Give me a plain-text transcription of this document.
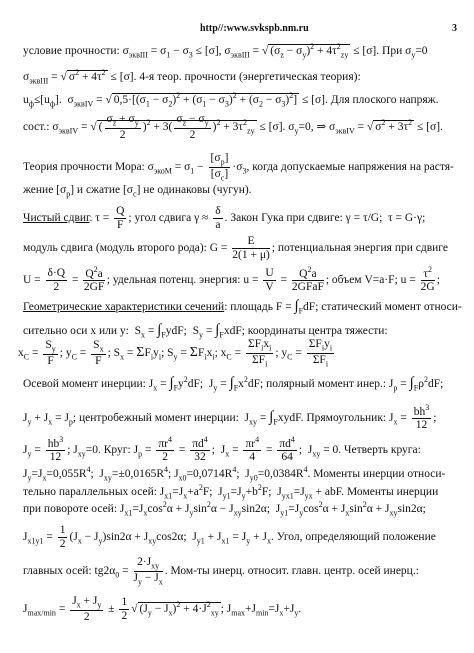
http//:www.svkspb.nm.ru	3
условие прочности: $\sigma_{эквIII} = \sigma_1 - \sigma_3 \le [\sigma]$, $\sigma_{эквIII}$ = √ $(\sigma_z - \sigma_y)^2 + 4\tau^2_{zy} \le [\sigma]$. При $\sigma_y=0$
$\sigma_{эквIII}$ = √ $\sigma^2 + 4\tau^2 \le [\sigma]$. 4-я теор. прочности (энергетическая теория):
$u_ф\le[u_ф]$.  $\sigma_{эквIV}$ = √ $0,5\cdot[(\sigma_1 - \sigma_2)^2 + (\sigma_1 - \sigma_3)^2 + (\sigma_2 - \sigma_3)^2] \le [\sigma]$. Для плоского напряж.
сост.: $\sigma_{эквIV}$ = √ ( $\frac{\sigma_z + \sigma_y}{2} )^2 + 3( \frac{\sigma_z - \sigma_y}{2} )^2 + 3\tau^2_{zy} \le [\sigma]$. $\sigma_y=0$, ⇒ $\sigma_{эквIV}$ = √ $\sigma^2 + 3\tau^2 \le [\sigma]$.
Теория прочности Мора: $\sigma_{экоМ} = \sigma_1 - \frac{[\sigma_р]}{[\sigma_с]} \cdot\sigma_3$, когда допускаемые напряжения на растя-
жение $[\sigma_р]$ и сжатие $[\sigma_с]$ не одинаковы (чугун).
Чистый сдвиг. $\tau = \frac{Q}{F}$ ; угол сдвига $\gamma \approx \frac{\delta}{a}$ . Закон Гука при сдвиге: γ = τ/G;  τ = G·γ;
модуль сдвига (модуль второго рода): $G = \frac{E}{2(1 + \mu)}$ ; потенциальная энергия при сдвиге
$U = \frac{\delta\cdot Q}{2} = \frac{Q^2a}{2GF}$ ; удельная потенц. энергия: $u = \frac{U}{V} = \frac{Q^2a}{\text{2GFaF}}$ ; объем V=a·F; $u = \frac{\tau^2}{2G}$ ;
Геометрические характеристики сечений: площадь $F = \int_FdF$; статический момент относи-
сительно оси x или y:  $S_x = \int_FydF$;  $S_y = \int_FxdF$; координаты центра тяжести:
$x_C = \frac{S_y}{F}$ ; $y_C = \frac{S_x}{F}$ ; $S_x = \Sigma F_iy_i$; $S_y = \Sigma F_ix_i$; $x_C = \frac{\Sigma F_ix_i}{\Sigma F_i}$ ; $y_C = \frac{\Sigma F_iy_i}{\Sigma F_i}$
Осевой момент инерции: $J_x = \int_Fy^2dF$;  $J_y = \int_Fx^2dF$; полярный момент инер.: $J_p = \int_F\rho^2dF$;
$J_y + J_x = J_p$; центробежный момент инерции:  $J_{xy}$ = $\int_FxydF$. Прямоугольник: $J_x = \frac{bh^3}{12}$ ;
$J_y = \frac{hb^3}{12}$ ; $J_{xy}=0$. Круг: $J_p = \frac{\pi r^4}{2} = \frac{\pi d^4}{32}$ ;  $J_x = \frac{\pi r^4}{4} = \frac{\pi d^4}{64}$ ;  $J_{xy} = 0$. Четверть круга:
$J_y=J_x=0,055R^4$;  $J_{xy}=\pm 0,0165R^4$; $J_{x0}=0,0714R^4$;  $J_{y0}=0,0384R^4$. Моменты инерции относи-
тельно параллельных осей: $J_{x1}=J_x+a^2F$;  $J_{y1}=J_y+b^2F$;  $J_{yx1}=J_{yx}$ + abF. Моменты инерции
при повороте осей: $J_{x1}=J_x\cos^2\alpha + J_y\sin^2\alpha - J_{xy}\sin 2\alpha$;  $J_{y1}=J_y\cos^2\alpha + J_x\sin^2\alpha + J_{xy}\sin 2\alpha$;
$J_{x1y1} = \frac{1}{2} (J_x - J_y)\sin 2\alpha + J_{xy}\cos 2\alpha$;  $J_{y1} + J_{x1} = J_y + J_x$. Угол, определяющий положение
главных осей: $tg2\alpha_0 = \frac{2\cdot J_{xy}}{J_y - J_x}$ . Мом-ты инерц. относит. главн. центр. осей инерц.:
$J_{max/min} = \frac{J_x + J_y}{2} \pm \frac{1}{2}$ √ $(J_y - J_x)^2 + 4\cdot J^2_{xy}$ ; $J_{max}+J_{min}=J_x+J_y$.
